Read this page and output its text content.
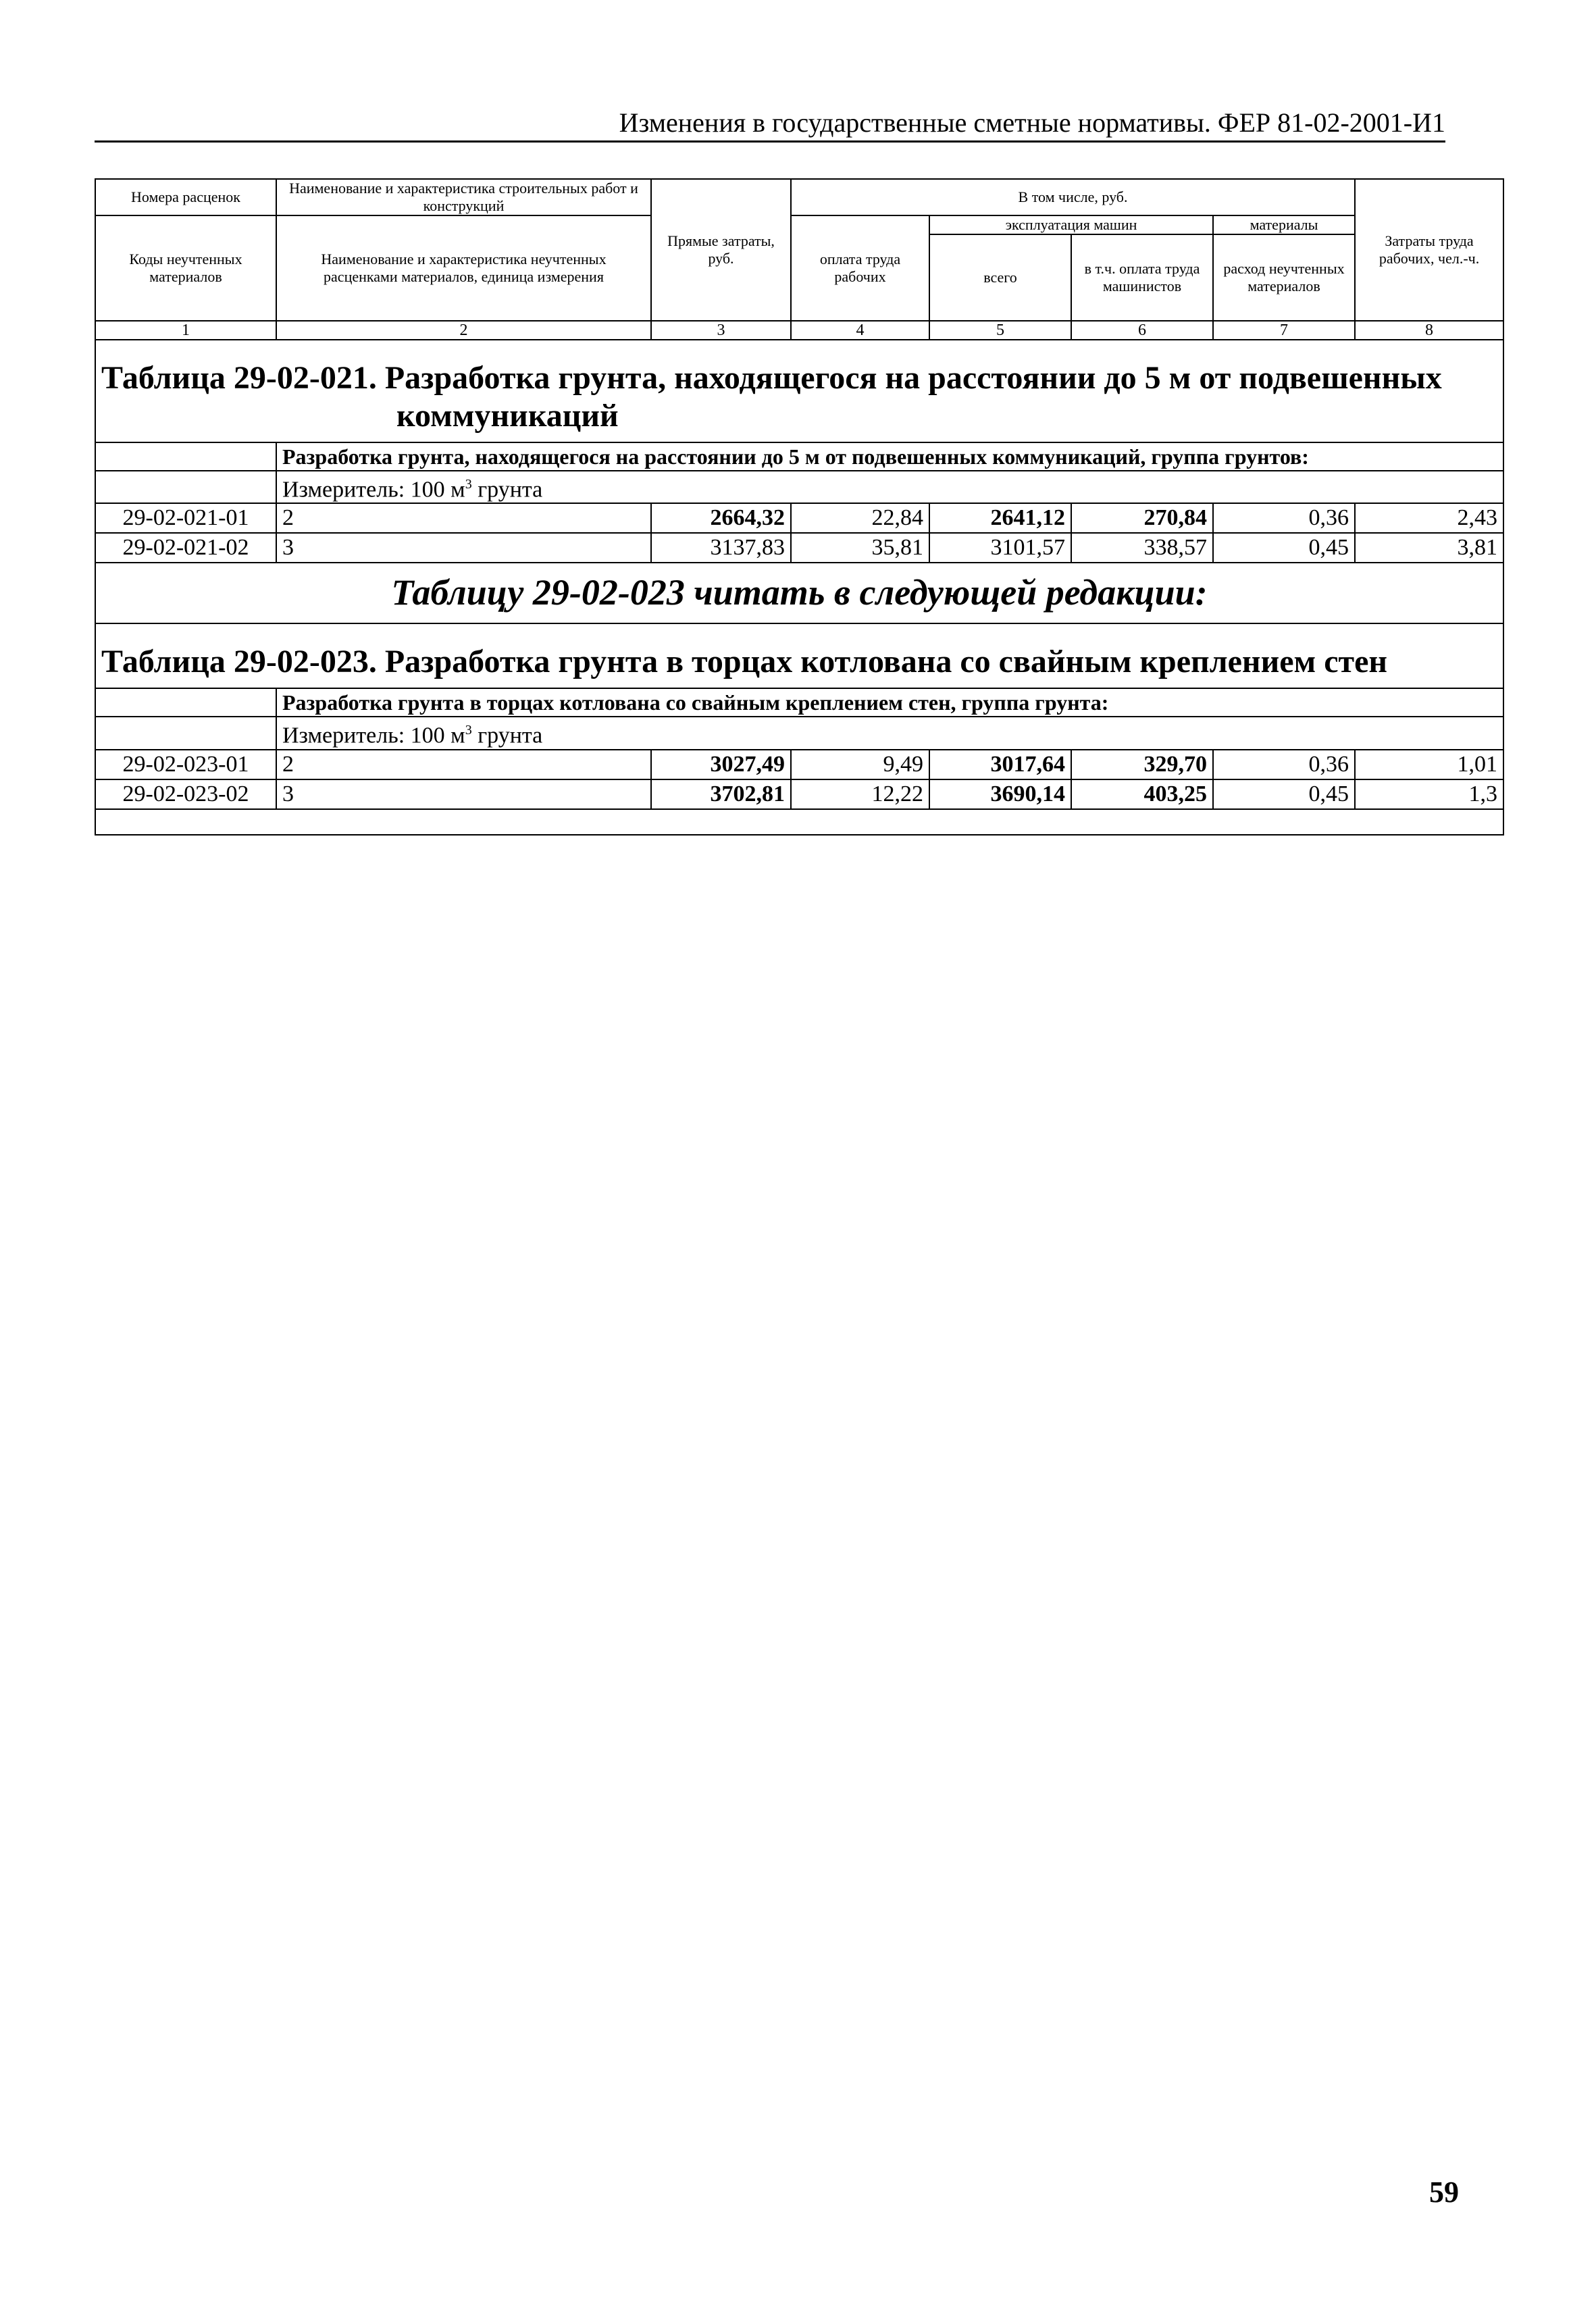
Изменения в государственные сметные нормативы. ФЕР 81-02-2001-И1
Номера расценок	Наименование и характеристика строительных работ и конструкций	Прямые затраты, руб.	В том числе, руб.				Затраты труда рабочих, чел.-ч.
Коды неучтенных материалов	Наименование и характеристика неучтенных расценками материалов, единица измерения		оплата труда рабочих	эксплуатация машин		материалы	
				всего	в т.ч. оплата труда машинистов	расход неучтенных материалов	
1	2	3	4	5	6	7	8
Таблица 29-02-021. Разработка грунта, находящегося на расстоянии до 5 м от подвешенных
коммуникаций							

	Разработка грунта, находящегося на расстоянии до 5 м от подвешенных коммуникаций, группа грунтов:						
	Измеритель: 100 $м^3$ грунта						
29-02-021-01	2	2664,32	22,84	2641,12	270,84	0,36	2,43
29-02-021-02	3	3137,83	35,81	3101,57	338,57	0,45	3,81
Таблицу 29-02-023 читать в следующей редакции:							
Таблица 29-02-023. Разработка грунта в торцах котлована со свайным креплением стен							
	Разработка грунта в торцах котлована со свайным креплением стен, группа грунта:						
	Измеритель: 100 $м^3$ грунта						
29-02-023-01	2	3027,49	9,49	3017,64	329,70	0,36	1,01
29-02-023-02	3	3702,81	12,22	3690,14	403,25	0,45	1,3

59
